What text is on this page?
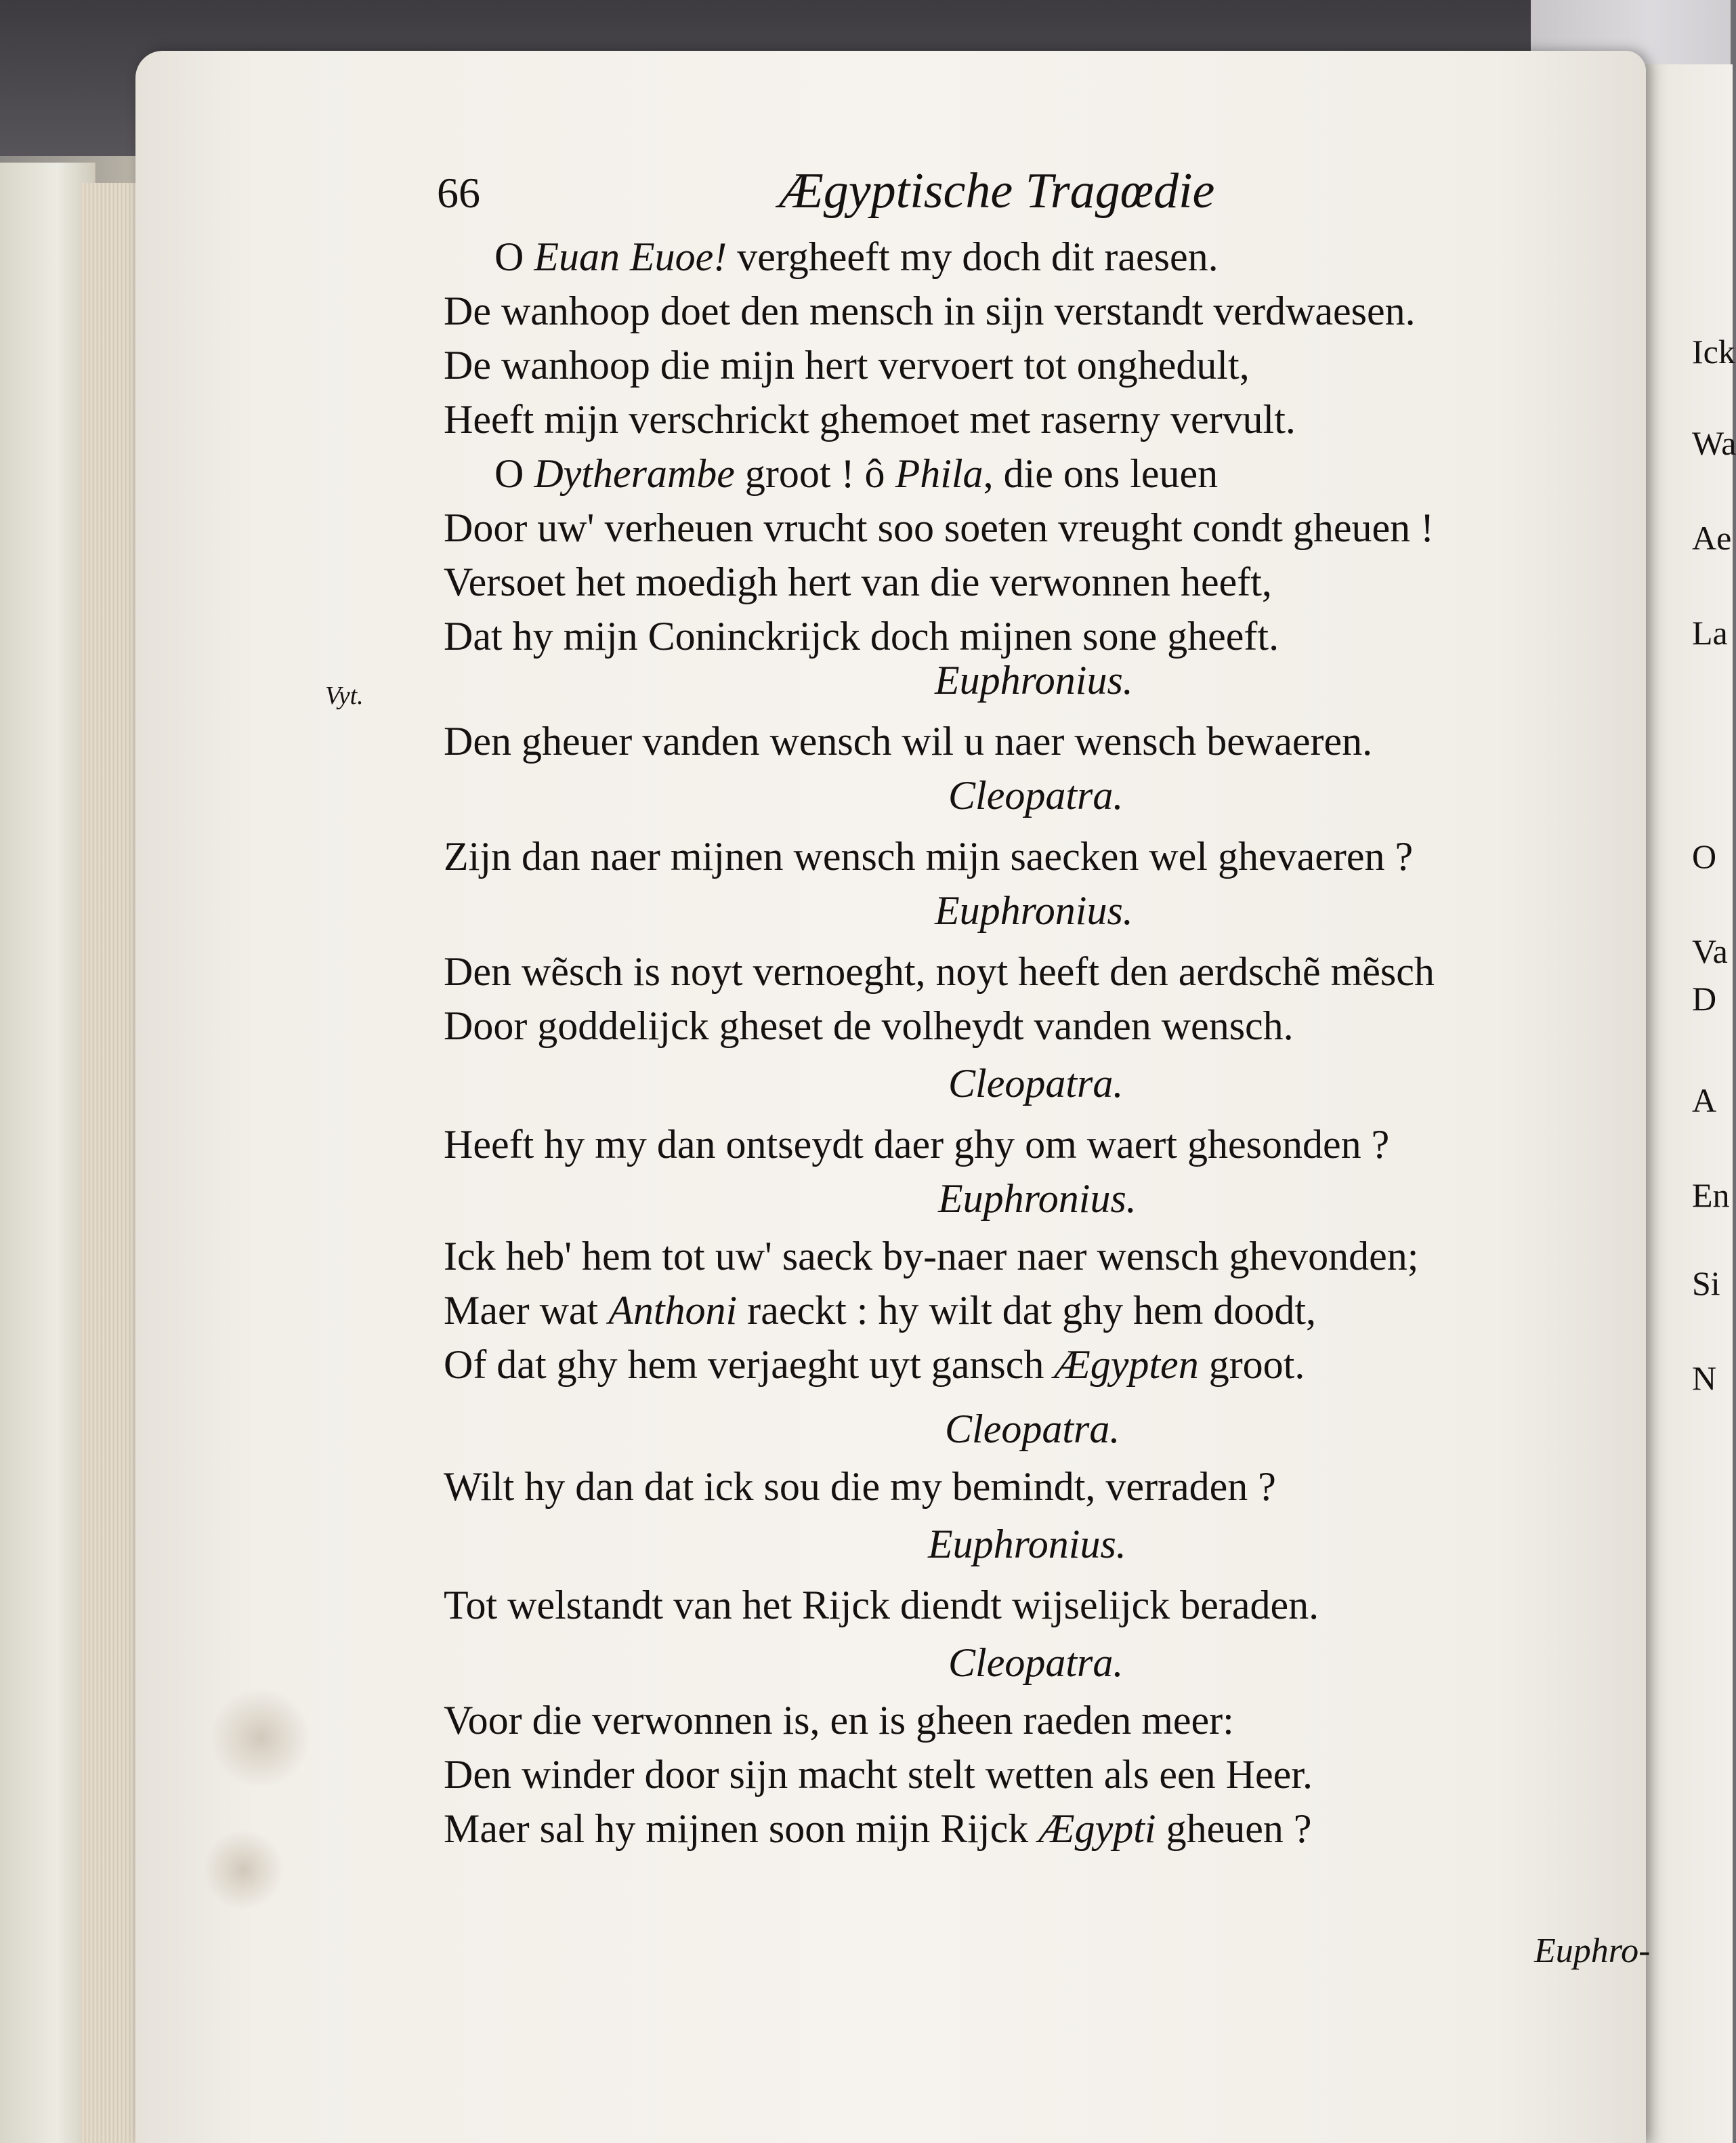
Ick
Wa
Ae
La
O
Va
D
A
En
Si
N
66	Ægyptische Tragœdie
Vyt.
O Euan Euoe! vergheeft my doch dit raesen.
De wanhoop doet den mensch in sijn verstandt verdwaesen.
De wanhoop die mijn hert vervoert tot onghedult,
Heeft mijn verschrickt ghemoet met raserny vervult.
O Dytherambe groot ! ô Phila, die ons leuen
Door uw' verheuen vrucht soo soeten vreught condt gheuen !
Versoet het moedigh hert van die verwonnen heeft,
Dat hy mijn Coninckrijck doch mijnen sone gheeft.
Euphronius.
Den gheuer vanden wensch wil u naer wensch bewaeren.
Cleopatra.
Zijn dan naer mijnen wensch mijn saecken wel ghevaeren ?
Euphronius.
Den wẽsch is noyt vernoeght, noyt heeft den aerdschẽ mẽsch
Door goddelijck gheset de volheydt vanden wensch.
Cleopatra.
Heeft hy my dan ontseydt daer ghy om waert ghesonden ?
Euphronius.
Ick heb' hem tot uw' saeck by-naer naer wensch ghevonden;
Maer wat Anthoni raeckt : hy wilt dat ghy hem doodt,
Of dat ghy hem verjaeght uyt gansch Ægypten groot.
Cleopatra.
Wilt hy dan dat ick sou die my bemindt, verraden ?
Euphronius.
Tot welstandt van het Rijck diendt wijselijck beraden.
Cleopatra.
Voor die verwonnen is, en is gheen raeden meer:
Den winder door sijn macht stelt wetten als een Heer.
Maer sal hy mijnen soon mijn Rijck Ægypti gheuen ?
Euphro-
